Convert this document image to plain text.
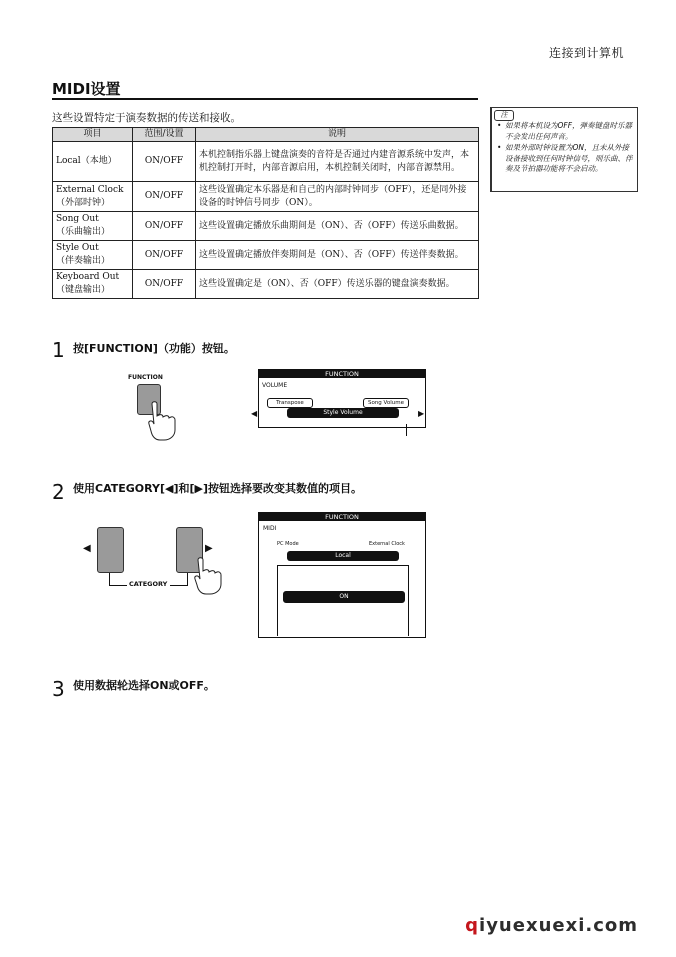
连接到计算机
MIDI设置
这些设置特定于演奏数据的传送和接收。
项目	范围/设置	说明
Local（本地）	ON/OFF	本机控制指乐器上键盘演奏的音符是否通过内建音源系统中发声，本机控制打开时，内部音源启用，本机控制关闭时，内部音源禁用。
External Clock
（外部时钟）	ON/OFF	这些设置确定本乐器是和自己的内部时钟同步（OFF），还是同外接设备的时钟信号同步（ON）。
Song Out
（乐曲输出）	ON/OFF	这些设置确定播放乐曲期间是（ON）、否（OFF）传送乐曲数据。
Style Out
（伴奏输出）	ON/OFF	这些设置确定播放伴奏期间是（ON）、否（OFF）传送伴奏数据。
Keyboard Out
（键盘输出）	ON/OFF	这些设置确定是（ON）、否（OFF）传送乐器的键盘演奏数据。
注
• 如果将本机设为OFF，弹奏键盘时乐器不会发出任何声音。
• 如果外部时钟设置为ON，且未从外接设备接收到任何时钟信号，则乐曲、伴奏及节拍器功能将不会启动。
1 按[FUNCTION]（功能）按钮。
FUNCTION	FUNCTION
VOLUME
Transpose	Song Volume
Style Volume
◀	▶
2 使用CATEGORY[◀]和[▶]按钮选择要改变其数值的项目。
◀	▶
CATEGORY
FUNCTION
MIDI
PC Mode	External Clock
Local
ON
3 使用数据轮选择ON或OFF。
qiyuexuexi.com
